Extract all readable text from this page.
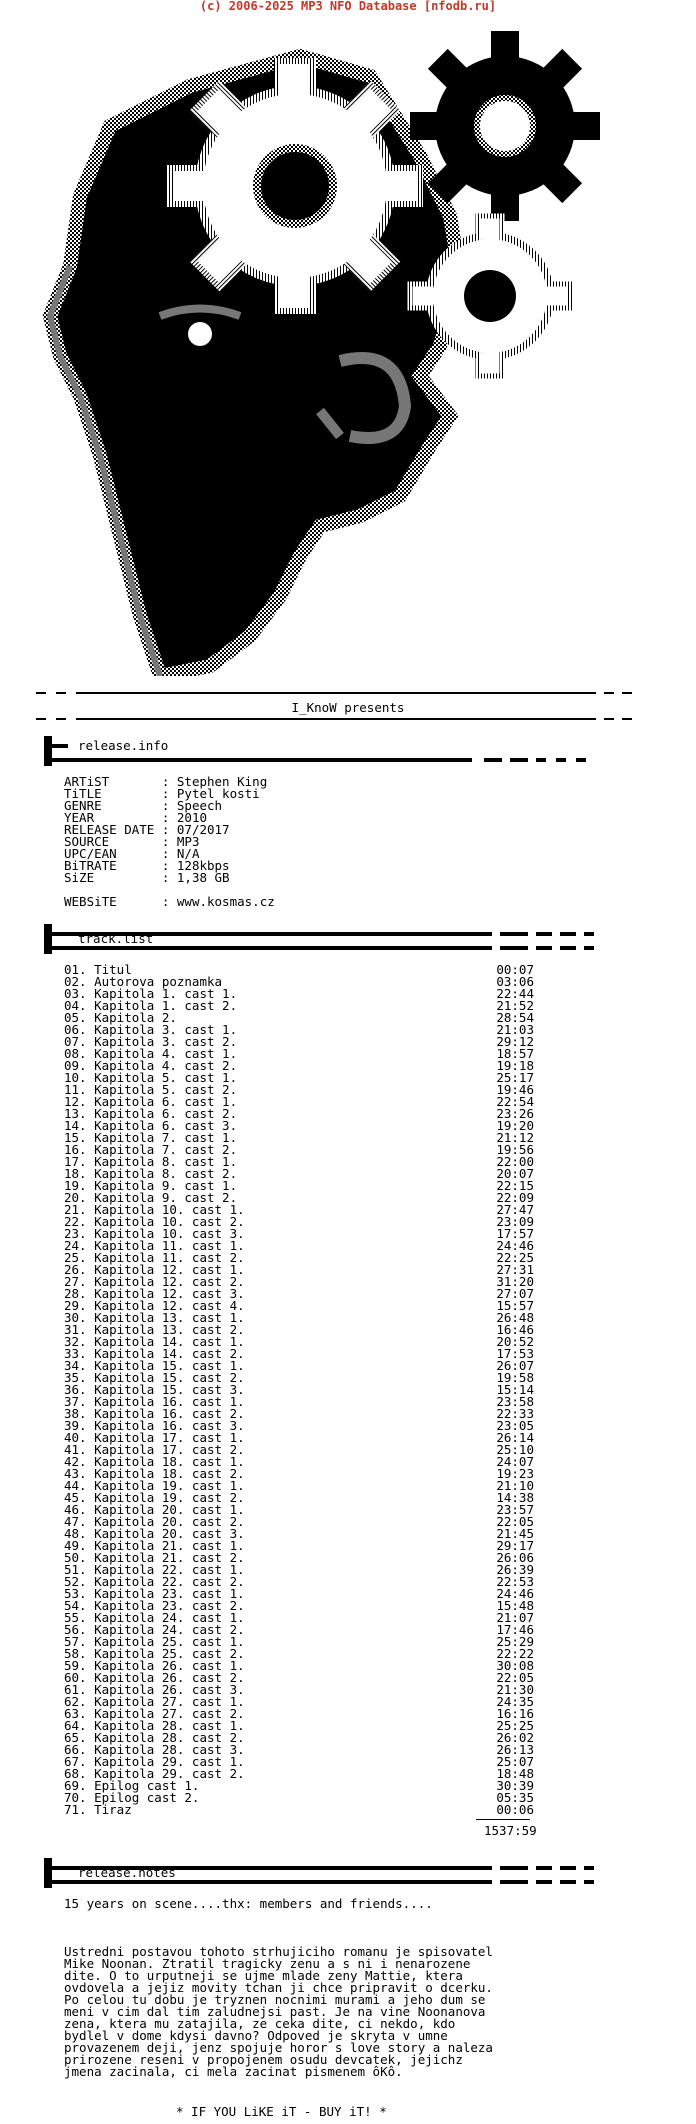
(c) 2006-2025 MP3 NFO Database [nfodb.ru]
I_KnoW presents
release.info
ARTiST       : Stephen King
TiTLE        : Pytel kosti
GENRE        : Speech
YEAR         : 2010
RELEASE DATE : 07/2017
SOURCE       : MP3
UPC/EAN      : N/A
BiTRATE      : 128kbps
SiZE         : 1,38 GB
WEBSiTE      : www.kosmas.cz
track.list
01. Titul	00:07
02. Autorova poznamka	03:06
03. Kapitola 1. cast 1.	22:44
04. Kapitola 1. cast 2.	21:52
05. Kapitola 2.	28:54
06. Kapitola 3. cast 1.	21:03
07. Kapitola 3. cast 2.	29:12
08. Kapitola 4. cast 1.	18:57
09. Kapitola 4. cast 2.	19:18
10. Kapitola 5. cast 1.	25:17
11. Kapitola 5. cast 2.	19:46
12. Kapitola 6. cast 1.	22:54
13. Kapitola 6. cast 2.	23:26
14. Kapitola 6. cast 3.	19:20
15. Kapitola 7. cast 1.	21:12
16. Kapitola 7. cast 2.	19:56
17. Kapitola 8. cast 1.	22:00
18. Kapitola 8. cast 2.	20:07
19. Kapitola 9. cast 1.	22:15
20. Kapitola 9. cast 2.	22:09
21. Kapitola 10. cast 1.	27:47
22. Kapitola 10. cast 2.	23:09
23. Kapitola 10. cast 3.	17:57
24. Kapitola 11. cast 1.	24:46
25. Kapitola 11. cast 2.	22:25
26. Kapitola 12. cast 1.	27:31
27. Kapitola 12. cast 2.	31:20
28. Kapitola 12. cast 3.	27:07
29. Kapitola 12. cast 4.	15:57
30. Kapitola 13. cast 1.	26:48
31. Kapitola 13. cast 2.	16:46
32. Kapitola 14. cast 1.	20:52
33. Kapitola 14. cast 2.	17:53
34. Kapitola 15. cast 1.	26:07
35. Kapitola 15. cast 2.	19:58
36. Kapitola 15. cast 3.	15:14
37. Kapitola 16. cast 1.	23:58
38. Kapitola 16. cast 2.	22:33
39. Kapitola 16. cast 3.	23:05
40. Kapitola 17. cast 1.	26:14
41. Kapitola 17. cast 2.	25:10
42. Kapitola 18. cast 1.	24:07
43. Kapitola 18. cast 2.	19:23
44. Kapitola 19. cast 1.	21:10
45. Kapitola 19. cast 2.	14:38
46. Kapitola 20. cast 1.	23:57
47. Kapitola 20. cast 2.	22:05
48. Kapitola 20. cast 3.	21:45
49. Kapitola 21. cast 1.	29:17
50. Kapitola 21. cast 2.	26:06
51. Kapitola 22. cast 1.	26:39
52. Kapitola 22. cast 2.	22:53
53. Kapitola 23. cast 1.	24:46
54. Kapitola 23. cast 2.	15:48
55. Kapitola 24. cast 1.	21:07
56. Kapitola 24. cast 2.	17:46
57. Kapitola 25. cast 1.	25:29
58. Kapitola 25. cast 2.	22:22
59. Kapitola 26. cast 1.	30:08
60. Kapitola 26. cast 2.	22:05
61. Kapitola 26. cast 3.	21:30
62. Kapitola 27. cast 1.	24:35
63. Kapitola 27. cast 2.	16:16
64. Kapitola 28. cast 1.	25:25
65. Kapitola 28. cast 2.	26:02
66. Kapitola 28. cast 3.	26:13
67. Kapitola 29. cast 1.	25:07
68. Kapitola 29. cast 2.	18:48
69. Epilog cast 1.	30:39
70. Epilog cast 2.	05:35
71. Tiraz	00:06
1537:59
release.notes
15 years on scene....thx: members and friends....
Ustredni postavou tohoto strhujiciho romanu je spisovatel
Mike Noonan. Ztratil tragicky zenu a s ni i nenarozene
dite. O to urputneji se ujme mlade zeny Mattie, ktera
ovdovela a jejiz movity tchan ji chce pripravit o dcerku.
Po celou tu dobu je tryznen nocnimi murami a jeho dum se
meni v cim dal tim zaludnejsi past. Je na vine Noonanova
zena, ktera mu zatajila, ze ceka dite, ci nekdo, kdo
bydlel v dome kdysi davno? Odpoved je skryta v umne
provazenem deji, jenz spojuje horor s love story a naleza
prirozene reseni v propojenem osudu devcatek, jejichz
jmena zacinala, ci mela zacinat pismenem ôKô.
* IF YOU LiKE iT - BUY iT! *
